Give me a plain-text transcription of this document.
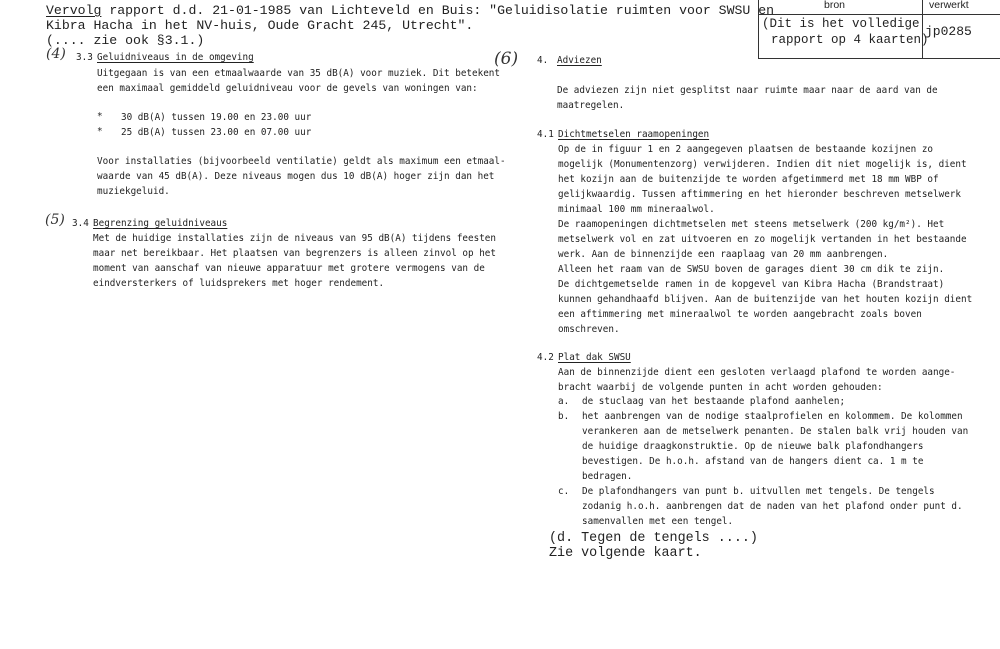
Vervolg rapport d.d. 21-01-1985 van Lichteveld en Buis: "Geluidisolatie ruimten voor SWSU en
Kibra Hacha in het NV-huis, Oude Gracht 245, Utrecht".
(.... zie ook §3.1.)
bron	verwerkt
(Dit is het volledige
rapport op 4 kaarten)
jp0285
(4)
(5)
(6)
3.3 Geluidniveaus in de omgeving
Uitgegaan is van een etmaalwaarde van 35 dB(A) voor muziek. Dit betekent
een maximaal gemiddeld geluidniveau voor de gevels van woningen van:
* 30 dB(A) tussen 19.00 en 23.00 uur
* 25 dB(A) tussen 23.00 en 07.00 uur
Voor installaties (bijvoorbeeld ventilatie) geldt als maximum een etmaal-
waarde van 45 dB(A). Deze niveaus mogen dus 10 dB(A) hoger zijn dan het
muziekgeluid.
3.4 Begrenzing geluidniveaus
Met de huidige installaties zijn de niveaus van 95 dB(A) tijdens feesten
maar net bereikbaar. Het plaatsen van begrenzers is alleen zinvol op het
moment van aanschaf van nieuwe apparatuur met grotere vermogens van de
eindversterkers of luidsprekers met hoger rendement.
4. Adviezen
De adviezen zijn niet gesplitst naar ruimte maar naar de aard van de
maatregelen.
4.1 Dichtmetselen raamopeningen
Op de in figuur 1 en 2 aangegeven plaatsen de bestaande kozijnen zo
mogelijk (Monumentenzorg) verwijderen. Indien dit niet mogelijk is, dient
het kozijn aan de buitenzijde te worden afgetimmerd met 18 mm WBP of
gelijkwaardig. Tussen aftimmering en het hieronder beschreven metselwerk
minimaal 100 mm mineraalwol.
De raamopeningen dichtmetselen met steens metselwerk (200 kg/m²). Het
metselwerk vol en zat uitvoeren en zo mogelijk vertanden in het bestaande
werk. Aan de binnenzijde een raaplaag van 20 mm aanbrengen.
Alleen het raam van de SWSU boven de garages dient 30 cm dik te zijn.
De dichtgemetselde ramen in de kopgevel van Kibra Hacha (Brandstraat)
kunnen gehandhaafd blijven. Aan de buitenzijde van het houten kozijn dient
een aftimmering met mineraalwol te worden aangebracht zoals boven
omschreven.
4.2 Plat dak SWSU
Aan de binnenzijde dient een gesloten verlaagd plafond te worden aange-
bracht waarbij de volgende punten in acht worden gehouden:
a. de stuclaag van het bestaande plafond aanhelen;
b. het aanbrengen van de nodige staalprofielen en kolommem. De kolommen
verankeren aan de metselwerk penanten. De stalen balk vrij houden van
de huidige draagkonstruktie. Op de nieuwe balk plafondhangers
bevestigen. De h.o.h. afstand van de hangers dient ca. 1 m te
bedragen.
c. De plafondhangers van punt b. uitvullen met tengels. De tengels
zodanig h.o.h. aanbrengen dat de naden van het plafond onder punt d.
samenvallen met een tengel.
(d. Tegen de tengels ....)
Zie volgende kaart.
